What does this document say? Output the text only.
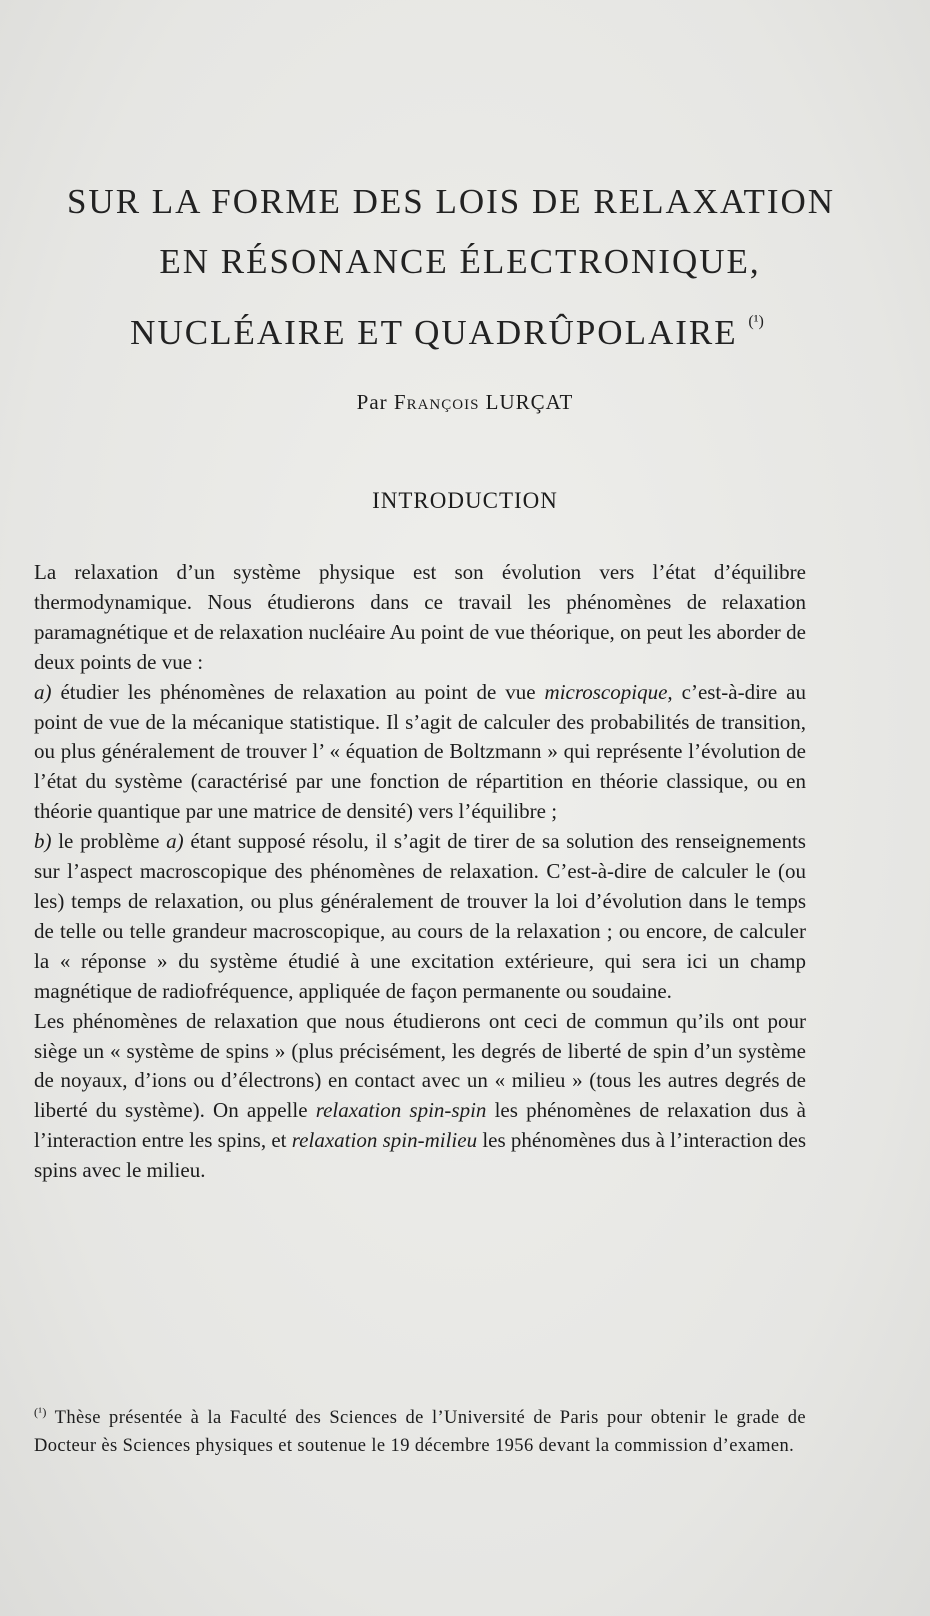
SUR LA FORME DES LOIS DE RELAXATION
EN RÉSONANCE ÉLECTRONIQUE,
NUCLÉAIRE ET QUADRÛPOLAIRE $^{(^1)}$
Par François LURÇAT
INTRODUCTION

La relaxation d’un système physique est son évolution vers l’état d’équilibre thermodynamique. Nous étudierons dans ce travail les phénomènes de relaxation paramagnétique et de relaxation nucléaire Au point de vue théorique, on peut les aborder de deux points de vue :

a) étudier les phénomènes de relaxation au point de vue microscopique, c’est-à-dire au point de vue de la mécanique statistique. Il s’agit de calculer des probabilités de transition, ou plus généralement de trouver l’ « équation de Boltzmann » qui représente l’évolution de l’état du système (caractérisé par une fonction de répartition en théorie classique, ou en théorie quantique par une matrice de densité) vers l’équilibre ;

b) le problème a) étant supposé résolu, il s’agit de tirer de sa solution des renseignements sur l’aspect macroscopique des phénomènes de relaxation. C’est-à-dire de calculer le (ou les) temps de relaxation, ou plus généralement de trouver la loi d’évolution dans le temps de telle ou telle grandeur macroscopique, au cours de la relaxation ; ou encore, de calculer la « réponse » du système étudié à une excitation extérieure, qui sera ici un champ magnétique de radiofréquence, appliquée de façon permanente ou soudaine.

Les phénomènes de relaxation que nous étudierons ont ceci de commun qu’ils ont pour siège un « système de spins » (plus précisément, les degrés de liberté de spin d’un système de noyaux, d’ions ou d’électrons) en contact avec un « milieu » (tous les autres degrés de liberté du système). On appelle relaxation spin-spin les phénomènes de relaxation dus à l’interaction entre les spins, et relaxation spin-milieu les phénomènes dus à l’interaction des spins avec le milieu.

$^{(^1)}$ Thèse présentée à la Faculté des Sciences de l’Université de Paris pour obtenir le grade de Docteur ès Sciences physiques et soutenue le 19 décembre 1956 devant la commission d’examen.
